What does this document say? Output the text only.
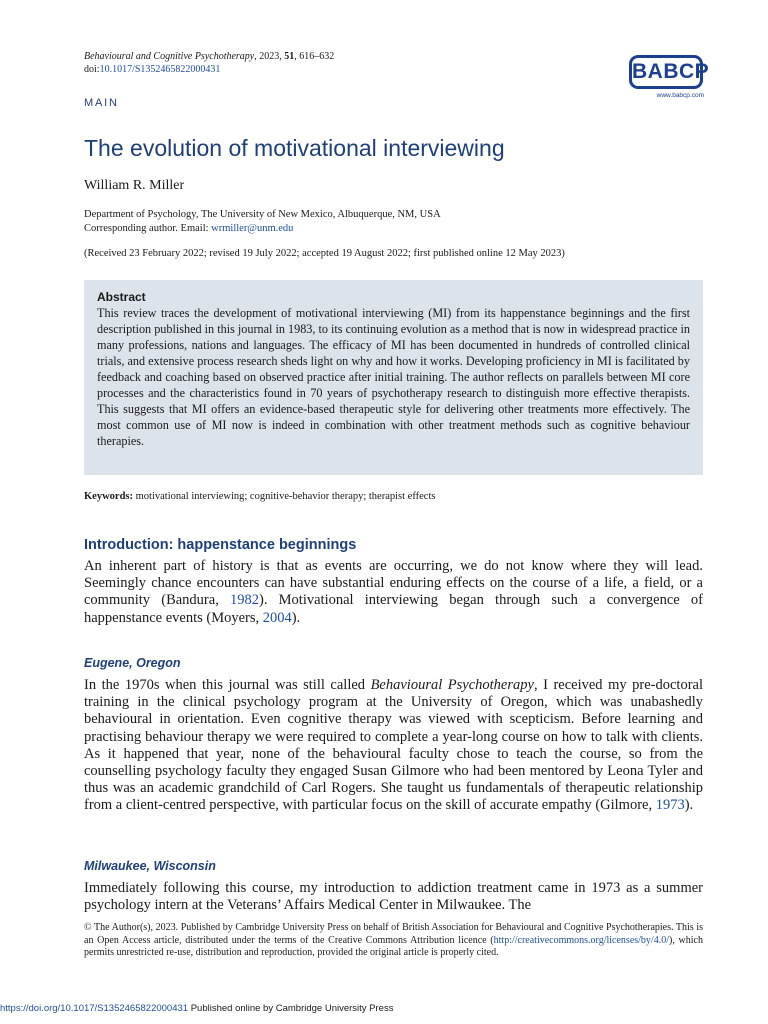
Behavioural and Cognitive Psychotherapy, 2023, 51, 616–632
doi:10.1017/S1352465822000431	BABCP
www.babcp.com
MAIN
The evolution of motivational interviewing
William R. Miller
Department of Psychology, The University of New Mexico, Albuquerque, NM, USA
Corresponding author. Email: wrmiller@unm.edu
(Received 23 February 2022; revised 19 July 2022; accepted 19 August 2022; first published online 12 May 2023)
Abstract

This review traces the development of motivational interviewing (MI) from its happenstance beginnings and the first description published in this journal in 1983, to its continuing evolution as a method that is now in widespread practice in many professions, nations and languages. The efficacy of MI has been documented in hundreds of controlled clinical trials, and extensive process research sheds light on why and how it works. Developing proficiency in MI is facilitated by feedback and coaching based on observed practice after initial training. The author reflects on parallels between MI core processes and the characteristics found in 70 years of psychotherapy research to distinguish more effective therapists. This suggests that MI offers an evidence-based therapeutic style for delivering other treatments more effectively. The most common use of MI now is indeed in combination with other treatment methods such as cognitive behaviour therapies.

Keywords: motivational interviewing; cognitive-behavior therapy; therapist effects
Introduction: happenstance beginnings

An inherent part of history is that as events are occurring, we do not know where they will lead. Seemingly chance encounters can have substantial enduring effects on the course of a life, a field, or a community (Bandura, 1982). Motivational interviewing began through such a convergence of happenstance events (Moyers, 2004).

Eugene, Oregon

In the 1970s when this journal was still called Behavioural Psychotherapy, I received my pre-doctoral training in the clinical psychology program at the University of Oregon, which was unabashedly behavioural in orientation. Even cognitive therapy was viewed with scepticism. Before learning and practising behaviour therapy we were required to complete a year-long course on how to talk with clients. As it happened that year, none of the behavioural faculty chose to teach the course, so from the counselling psychology faculty they engaged Susan Gilmore who had been mentored by Leona Tyler and thus was an academic grandchild of Carl Rogers. She taught us fundamentals of therapeutic relationship from a client-centred perspective, with particular focus on the skill of accurate empathy (Gilmore, 1973).

Milwaukee, Wisconsin

Immediately following this course, my introduction to addiction treatment came in 1973 as a summer psychology intern at the Veterans’ Affairs Medical Center in Milwaukee. The

© The Author(s), 2023. Published by Cambridge University Press on behalf of British Association for Behavioural and Cognitive Psychotherapies. This is an Open Access article, distributed under the terms of the Creative Commons Attribution licence (http://creativecommons.org/licenses/by/4.0/), which permits unrestricted re-use, distribution and reproduction, provided the original article is properly cited.
https://doi.org/10.1017/S1352465822000431 Published online by Cambridge University Press
